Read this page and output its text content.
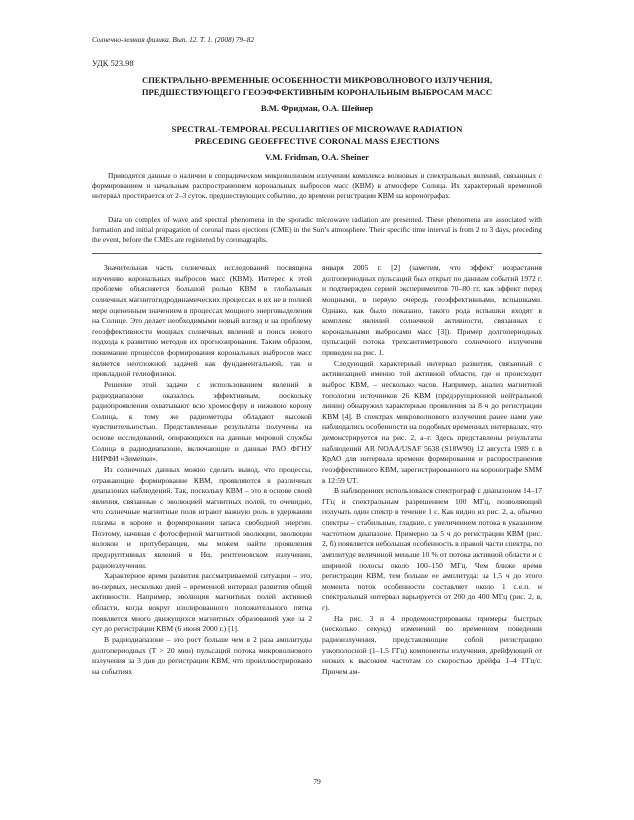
Солнечно-земная физика. Вып. 12. Т. 1. (2008) 79–82
УДК 523.98
СПЕКТРАЛЬНО-ВРЕМЕННЫЕ ОСОБЕННОСТИ МИКРОВОЛНОВОГО ИЗЛУЧЕНИЯ,
ПРЕДШЕСТВУЮЩЕГО ГЕОЭФФЕКТИВНЫМ КОРОНАЛЬНЫМ ВЫБРОСАМ МАСС
В.М. Фридман, О.А. Шейнер
SPECTRAL-TEMPORAL PECULIARITIES OF MICROWAVE RADIATION
PRECEDING GEOEFFECTIVE CORONAL MASS EJECTIONS
V.M. Fridman, O.A. Sheiner

Приводятся данные о наличии в спорадическом микроволновом излучении комплекса волновых и спектральных явлений, связанных с формированием и начальным распространением корональных выбросов масс (КВМ) в атмосфере Солнца. Их характерный временной интервал простирается от 2–3 суток, предшествующих событию, до времени регистрации КВМ на коронографах.

Data on complex of wave and spectral phenomena in the sporadic microwave radiation are presented. These phenomena are associated with formation and initial propagation of coronal mass ejections (CME) in the Sun’s atmosphere. Their specific time interval is from 2 to 3 days, preceding the event, before the CMEs are registered by coronagraphs.

Значительная часть солнечных исследований посвящена изучению корональных выбросов масс (КВМ). Интерес к этой проблеме объясняется большой ролью КВМ в глобальных солнечных магнитогидродинамических процессах и их не в полной мере оцененным значением в процессах мощного энерговыделения на Солнце. Это делает необходимыми новый взгляд и на проблему геоэффективности мощных солнечных явлений и поиск нового подхода к развитию методов их прогнозирования. Таким образом, понимание процессов формирования корональных выбросов масс является неотложной задачей как фундаментальной, так и прикладной гелиофизики.

Решение этой задачи с использованием явлений в радиодиапазоне оказалось эффективным, поскольку радиопроявления охватывают всю хромосферу и нижнюю корону Солнца, к тому же радиометоды обладают высокой чувствительностью. Представленные результаты получены на основе исследований, опирающихся на данные мировой службы Солнца в радиодиапазоне, включающие и данные РАО ФГНУ НИРФИ «Зименки».

Из солнечных данных можно сделать вывод, что процессы, отражающие формирование КВМ, проявляются в различных диапазонах наблюдений. Так, поскольку КВМ – это в основе своей явления, связанные с эволюцией магнитных полей, то очевидно, что солнечные магнитные поля играют важную роль в удержании плазмы в короне и формировании запаса свободной энергии. Поэтому, начиная с фотосферной магнитной эволюции, эволюции волокон и протуберанцев, мы можем найти проявления предэруптивных явлений в Нα, рентгеновском излучении, радиоизлучении.

Характерное время развития рассматриваемой ситуации – это, во-первых, несколько дней – временной интервал развития общей активности. Например, эволюция магнитных полей активной области, когда вокруг изолированного положительного пятна появляется много движущихся магнитных образований уже за 2 сут до регистрации КВМ (6 июня 2000 г.) [1].

В радиодиапазоне – это рост больше чем в 2 раза амплитуды долгопериодных (T > 20 мин) пульсаций потока микроволнового излучения за 3 дня до регистрации КВМ, что проиллюстрировано на событиях

января 2005 г. [2] (заметим, что эффект возрастания долгопериодных пульсаций был открыт по данным событий 1972 г. и подтвержден серией экспериментов 70–80 гг. как эффект перед мощными, в первую очередь геоэффективными, вспышками. Однако, как было показано, такого рода вспышки входят в комплекс явлений солнечной активности, связанных с корональными выбросами масс [3]). Пример долгопериодных пульсаций потока трехсантиметрового солнечного излучения приведен на рис. 1.

Следующий характерный интервал развития, связанный с активизацией именно той активной области, где и происходит выброс КВМ, – несколько часов. Например, анализ магнитной топологии источников 26 КВМ (предэрупционной нейтральной линии) обнаружил характерные проявления за 8 ч до регистрации КВМ [4]. В спектрах микроволнового излучения ранее нами уже наблюдались особенности на подобных временных интервалах, что демонстрируется на рис. 2, а–г. Здесь представлены результаты наблюдений AR NOAA/USAF 5638 (S18W90) 12 августа 1989 г. в КрАО для интервала времени формирования и распространения геоэффективного КВМ, зарегистрированного на коронографе SMM в 12:59 UT.

В наблюдениях использовался спектрограф с диапазоном 14–17 ГГц и спектральным разрешением 100 МГц, позволяющий получать один спектр в течение 1 с. Как видно из рис. 2, а, обычно спектры – стабильные, гладкие, с увеличением потока в указанном частотном диапазоне. Примерно за 5 ч до регистрации КВМ (рис. 2, б) появляется небольшая особенность в правой части спектра, по амплитуде величиной меньше 10 % от потока активной области и с шириной полосы около 100–150 МГц. Чем ближе время регистрации КВМ, тем больше ее амплитуда: за 1.5 ч до этого момента поток особенности составляет около 1 с.е.п. и спектральный интервал варьируется от 200 до 400 МГц (рис. 2, в, г).

На рис. 3 и 4 продемонстрированы примеры быстрых (несколько секунд) изменений во временном поведении радиоизлучения, представляющие собой регистрацию узкополосной (1–1.5 ГГц) компоненты излучения, дрейфующей от низких к высоким частотам со скоростью дрейфа 1–4 ГГц/с. Причем ам-

79
